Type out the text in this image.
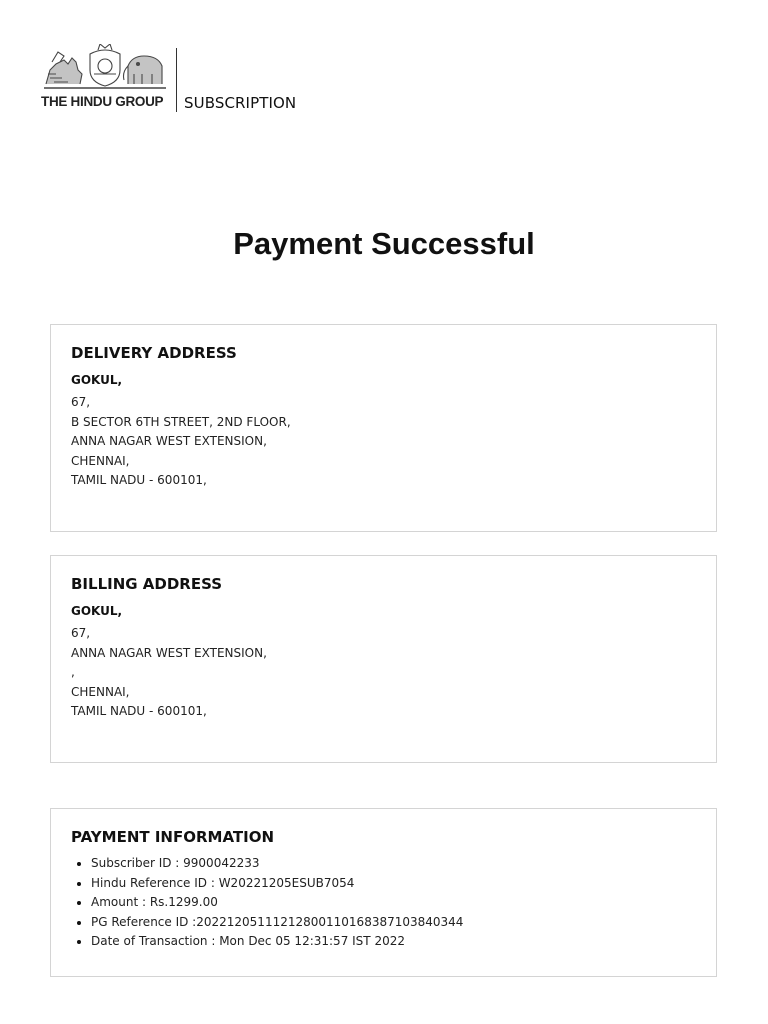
THE HINDU GROUP SUBSCRIPTION
Payment Successful
DELIVERY ADDRESS
GOKUL,
67,
B SECTOR 6TH STREET, 2ND FLOOR,
ANNA NAGAR WEST EXTENSION,
CHENNAI,
TAMIL NADU - 600101,
BILLING ADDRESS
GOKUL,
67,
ANNA NAGAR WEST EXTENSION,
,
CHENNAI,
TAMIL NADU - 600101,
PAYMENT INFORMATION
• Subscriber ID : 9900042233
• Hindu Reference ID : W20221205ESUB7054
• Amount : Rs.1299.00
• PG Reference ID :20221205111212800110168387103840344
• Date of Transaction : Mon Dec 05 12:31:57 IST 2022
